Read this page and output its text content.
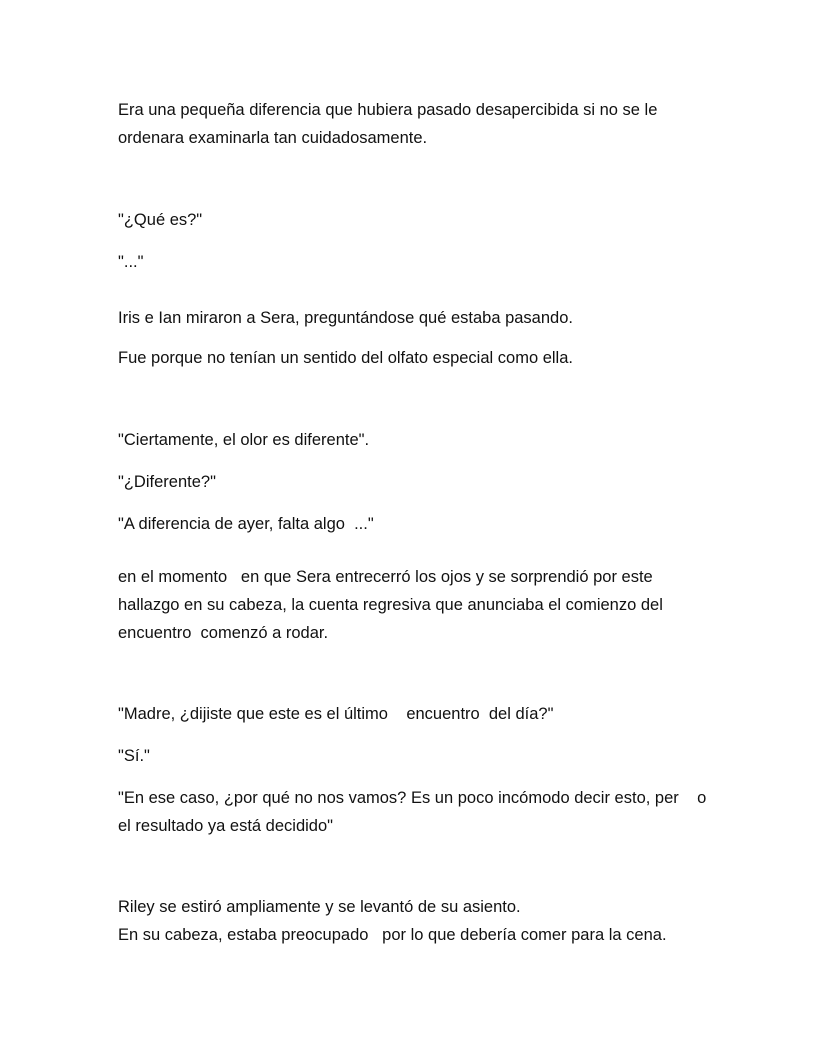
Era una pequeña diferencia que hubiera pasado desapercibida si no se le
ordenara examinarla tan cuidadosamente.

"¿Qué es?"

"..."

Iris e Ian miraron a Sera, preguntándose qué estaba pasando.

Fue porque no tenían un sentido del olfato especial como ella.

"Ciertamente, el olor es diferente".

"¿Diferente?"

"A diferencia de ayer, falta algo  ..."

en el momento   en que Sera entrecerró los ojos y se sorprendió por este
hallazgo en su cabeza, la cuenta regresiva que anunciaba el comienzo del
encuentro  comenzó a rodar.

"Madre, ¿dijiste que este es el último    encuentro  del día?"

"Sí."

"En ese caso, ¿por qué no nos vamos? Es un poco incómodo decir esto, per    o
el resultado ya está decidido"

Riley se estiró ampliamente y se levantó de su asiento.
En su cabeza, estaba preocupado   por lo que debería comer para la cena.
